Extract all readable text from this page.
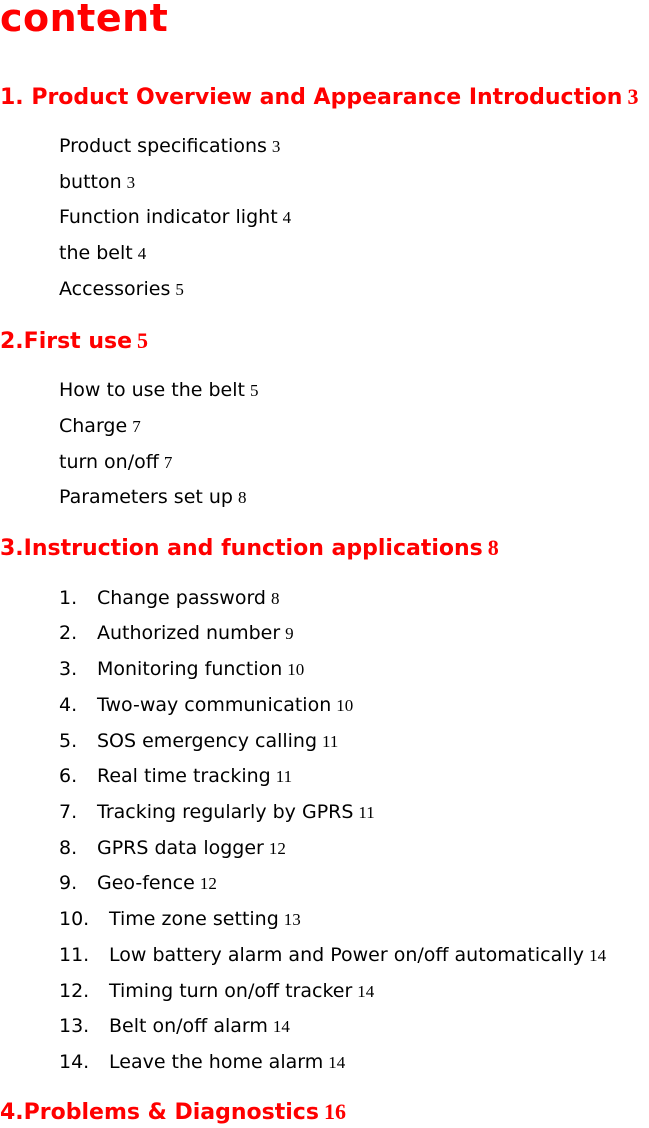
content
1. Product Overview and Appearance Introduction 3
Product specifications 3
button 3
Function indicator light 4
the belt 4
Accessories 5
2.First use 5
How to use the belt 5
Charge 7
turn on/off 7
Parameters set up 8
3.Instruction and function applications 8
1. Change password 8
2. Authorized number 9
3. Monitoring function 10
4. Two-way communication 10
5. SOS emergency calling 11
6. Real time tracking 11
7. Tracking regularly by GPRS 11
8. GPRS data logger 12
9. Geo-fence 12
10. Time zone setting 13
11. Low battery alarm and Power on/off automatically 14
12. Timing turn on/off tracker 14
13. Belt on/off alarm 14
14. Leave the home alarm 14
4.Problems & Diagnostics 16
